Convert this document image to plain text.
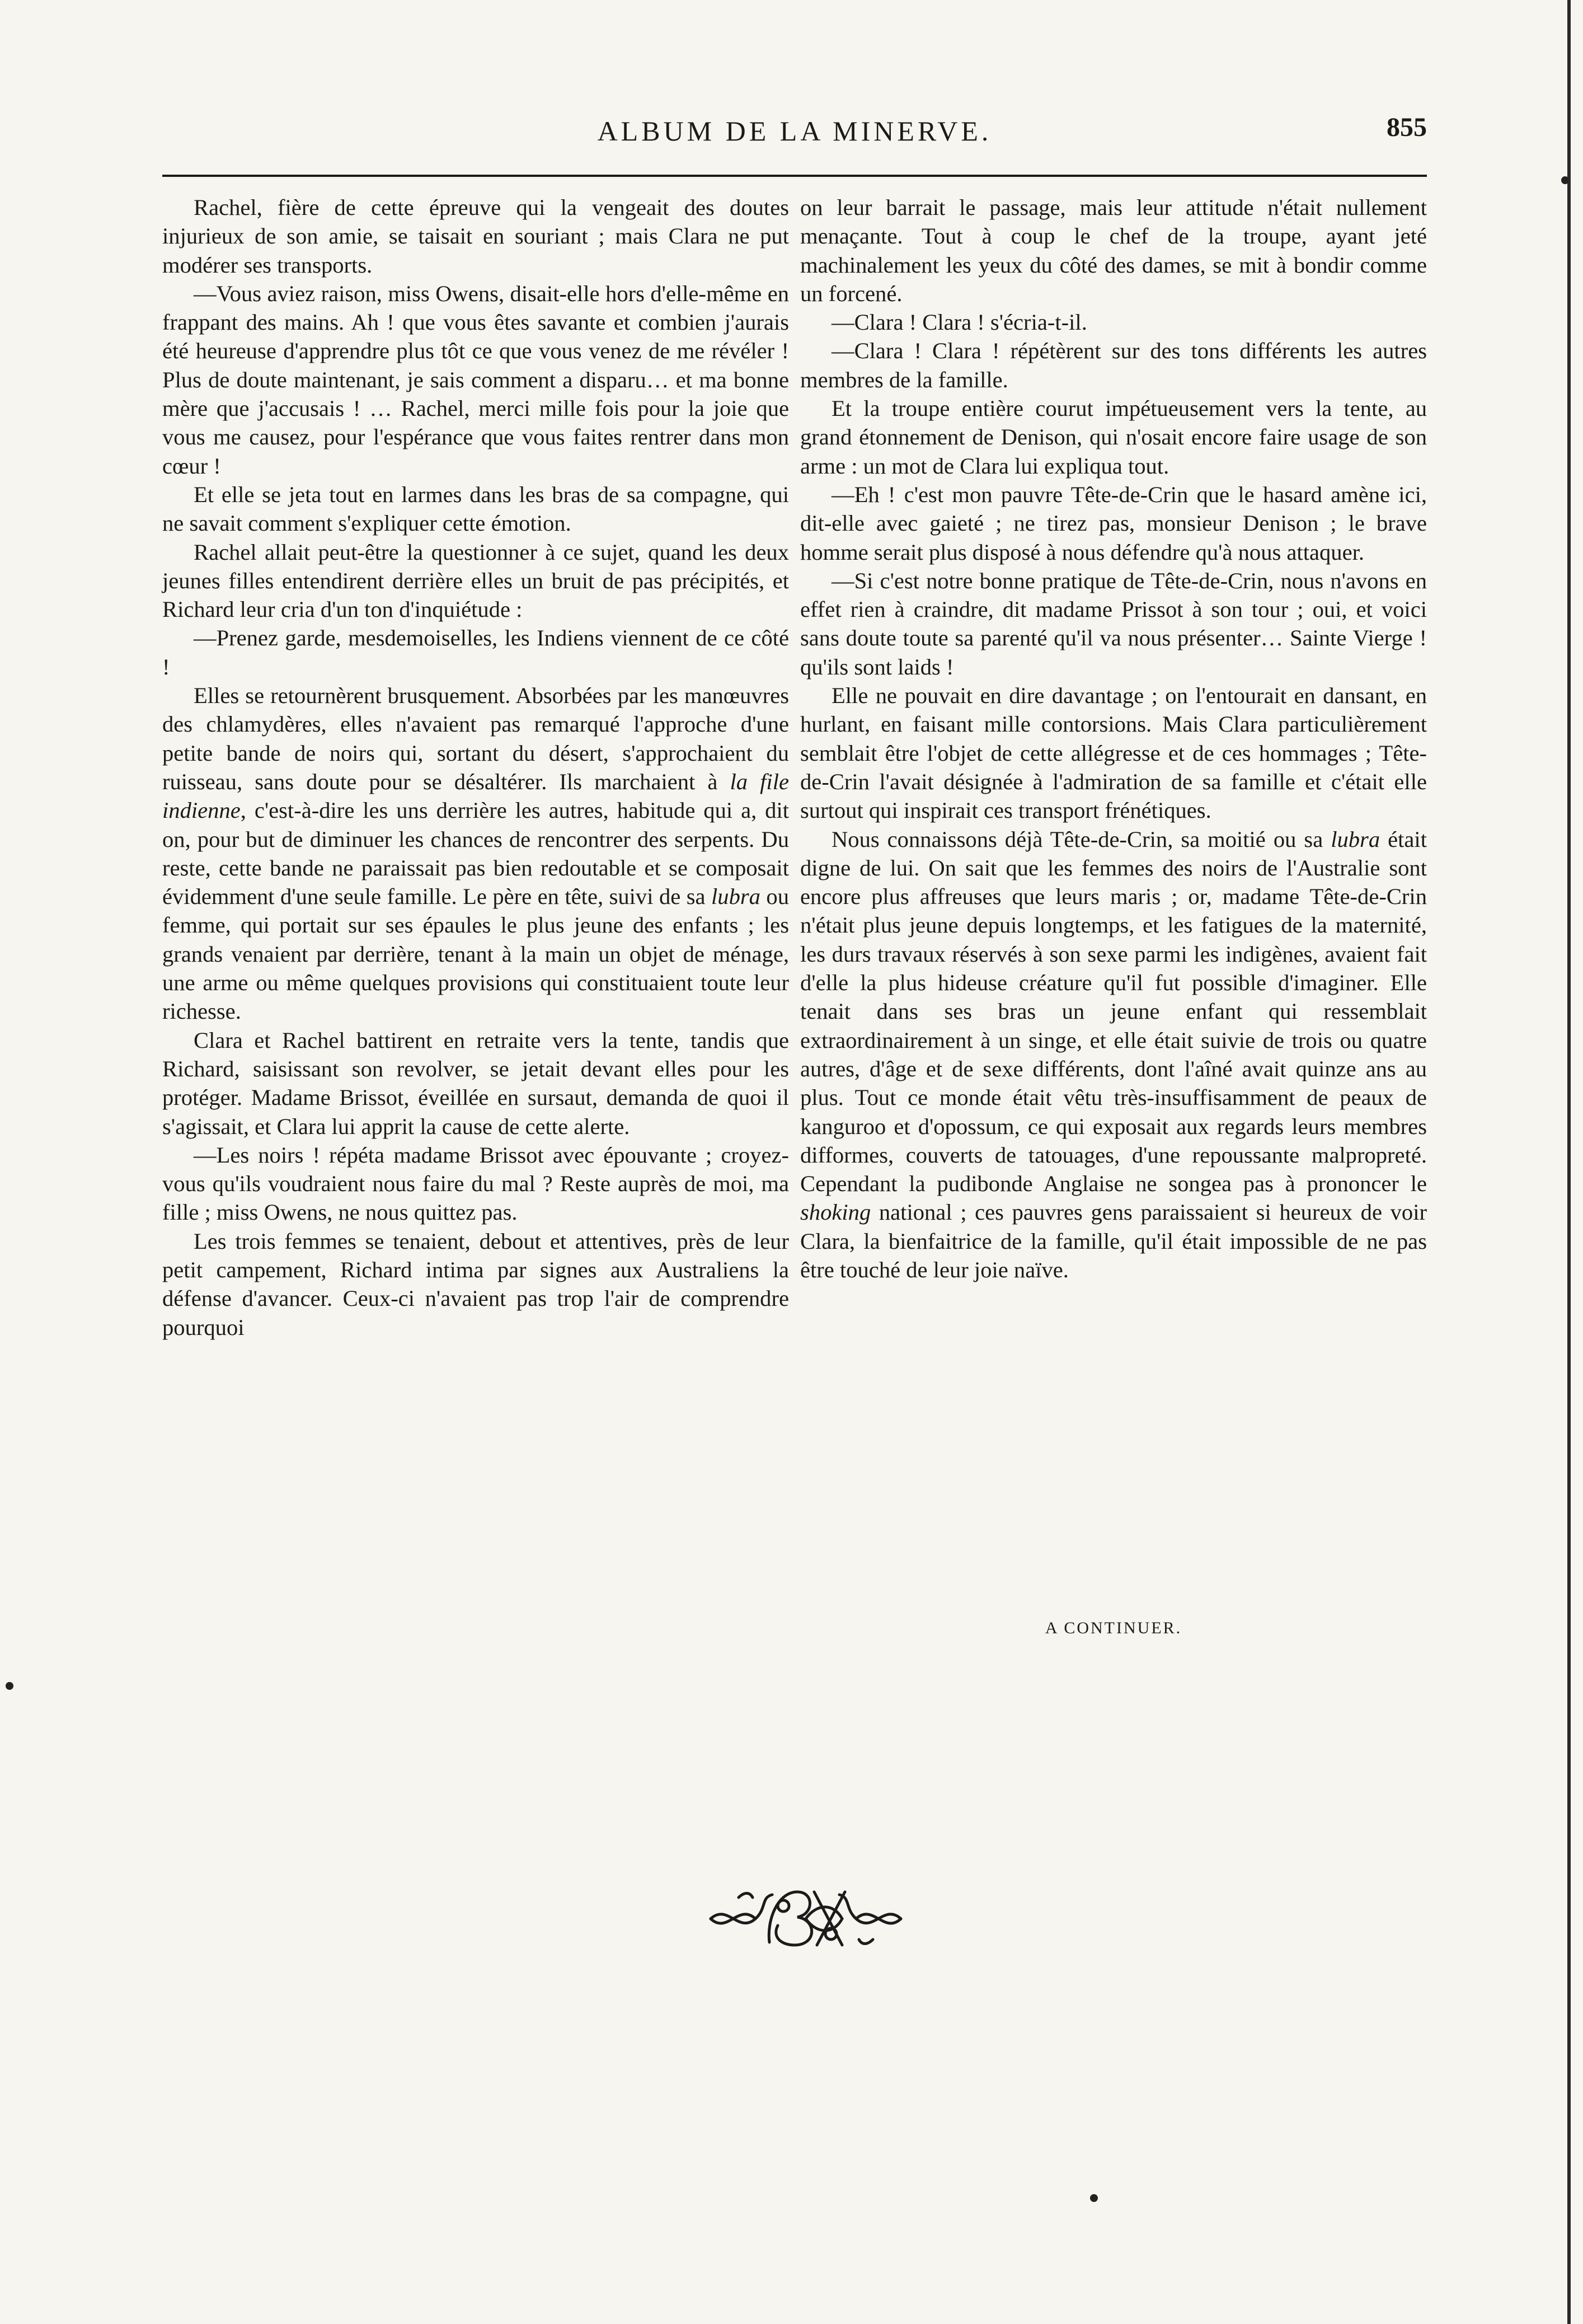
ALBUM DE LA MINERVE.	855

Rachel, fière de cette épreuve qui la vengeait des doutes injurieux de son amie, se taisait en souriant ; mais Clara ne put modérer ses transports.

—Vous aviez raison, miss Owens, disait-elle hors d'elle-même en frappant des mains. Ah ! que vous êtes savante et combien j'aurais été heureuse d'apprendre plus tôt ce que vous venez de me révéler ! Plus de doute maintenant, je sais comment a disparu… et ma bonne mère que j'accusais ! … Rachel, merci mille fois pour la joie que vous me causez, pour l'espérance que vous faites rentrer dans mon cœur !

Et elle se jeta tout en larmes dans les bras de sa compagne, qui ne savait comment s'expliquer cette émotion.

Rachel allait peut-être la questionner à ce sujet, quand les deux jeunes filles entendirent derrière elles un bruit de pas précipités, et Richard leur cria d'un ton d'inquiétude :

—Prenez garde, mesdemoiselles, les Indiens viennent de ce côté !

Elles se retournèrent brusquement. Absorbées par les manœuvres des chlamydères, elles n'avaient pas remarqué l'approche d'une petite bande de noirs qui, sortant du désert, s'approchaient du ruisseau, sans doute pour se désaltérer. Ils marchaient à la file indienne, c'est-à-dire les uns derrière les autres, habitude qui a, dit on, pour but de diminuer les chances de rencontrer des serpents. Du reste, cette bande ne paraissait pas bien redoutable et se composait évidemment d'une seule famille. Le père en tête, suivi de sa lubra ou femme, qui portait sur ses épaules le plus jeune des enfants ; les grands venaient par derrière, tenant à la main un objet de ménage, une arme ou même quelques provisions qui constituaient toute leur richesse.

Clara et Rachel battirent en retraite vers la tente, tandis que Richard, saisissant son revolver, se jetait devant elles pour les protéger. Madame Brissot, éveillée en sursaut, demanda de quoi il s'agissait, et Clara lui apprit la cause de cette alerte.

—Les noirs ! répéta madame Brissot avec épouvante ; croyez-vous qu'ils voudraient nous faire du mal ? Reste auprès de moi, ma fille ; miss Owens, ne nous quittez pas.

Les trois femmes se tenaient, debout et attentives, près de leur petit campement, Richard intima par signes aux Australiens la défense d'avancer. Ceux-ci n'avaient pas trop l'air de comprendre pourquoi

on leur barrait le passage, mais leur attitude n'était nullement menaçante. Tout à coup le chef de la troupe, ayant jeté machinalement les yeux du côté des dames, se mit à bondir comme un forcené.

—Clara ! Clara ! s'écria-t-il.

—Clara ! Clara ! répétèrent sur des tons différents les autres membres de la famille.

Et la troupe entière courut impétueusement vers la tente, au grand étonnement de Denison, qui n'osait encore faire usage de son arme : un mot de Clara lui expliqua tout.

—Eh ! c'est mon pauvre Tête-de-Crin que le hasard amène ici, dit-elle avec gaieté ; ne tirez pas, monsieur Denison ; le brave homme serait plus disposé à nous défendre qu'à nous attaquer.

—Si c'est notre bonne pratique de Tête-de-Crin, nous n'avons en effet rien à craindre, dit madame Prissot à son tour ; oui, et voici sans doute toute sa parenté qu'il va nous présenter… Sainte Vierge ! qu'ils sont laids !

Elle ne pouvait en dire davantage ; on l'entourait en dansant, en hurlant, en faisant mille contorsions. Mais Clara particulièrement semblait être l'objet de cette allégresse et de ces hommages ; Tête-de-Crin l'avait désignée à l'admiration de sa famille et c'était elle surtout qui inspirait ces transport frénétiques.

Nous connaissons déjà Tête-de-Crin, sa moitié ou sa lubra était digne de lui. On sait que les femmes des noirs de l'Australie sont encore plus affreuses que leurs maris ; or, madame Tête-de-Crin n'était plus jeune depuis longtemps, et les fatigues de la maternité, les durs travaux réservés à son sexe parmi les indigènes, avaient fait d'elle la plus hideuse créature qu'il fut possible d'imaginer. Elle tenait dans ses bras un jeune enfant qui ressemblait extraordinairement à un singe, et elle était suivie de trois ou quatre autres, d'âge et de sexe différents, dont l'aîné avait quinze ans au plus. Tout ce monde était vêtu très-insuffisamment de peaux de kanguroo et d'opossum, ce qui exposait aux regards leurs membres difformes, couverts de tatouages, d'une repoussante malpropreté. Cependant la pudibonde Anglaise ne songea pas à prononcer le shoking national ; ces pauvres gens paraissaient si heureux de voir Clara, la bienfaitrice de la famille, qu'il était impossible de ne pas être touché de leur joie naïve.

A CONTINUER.
